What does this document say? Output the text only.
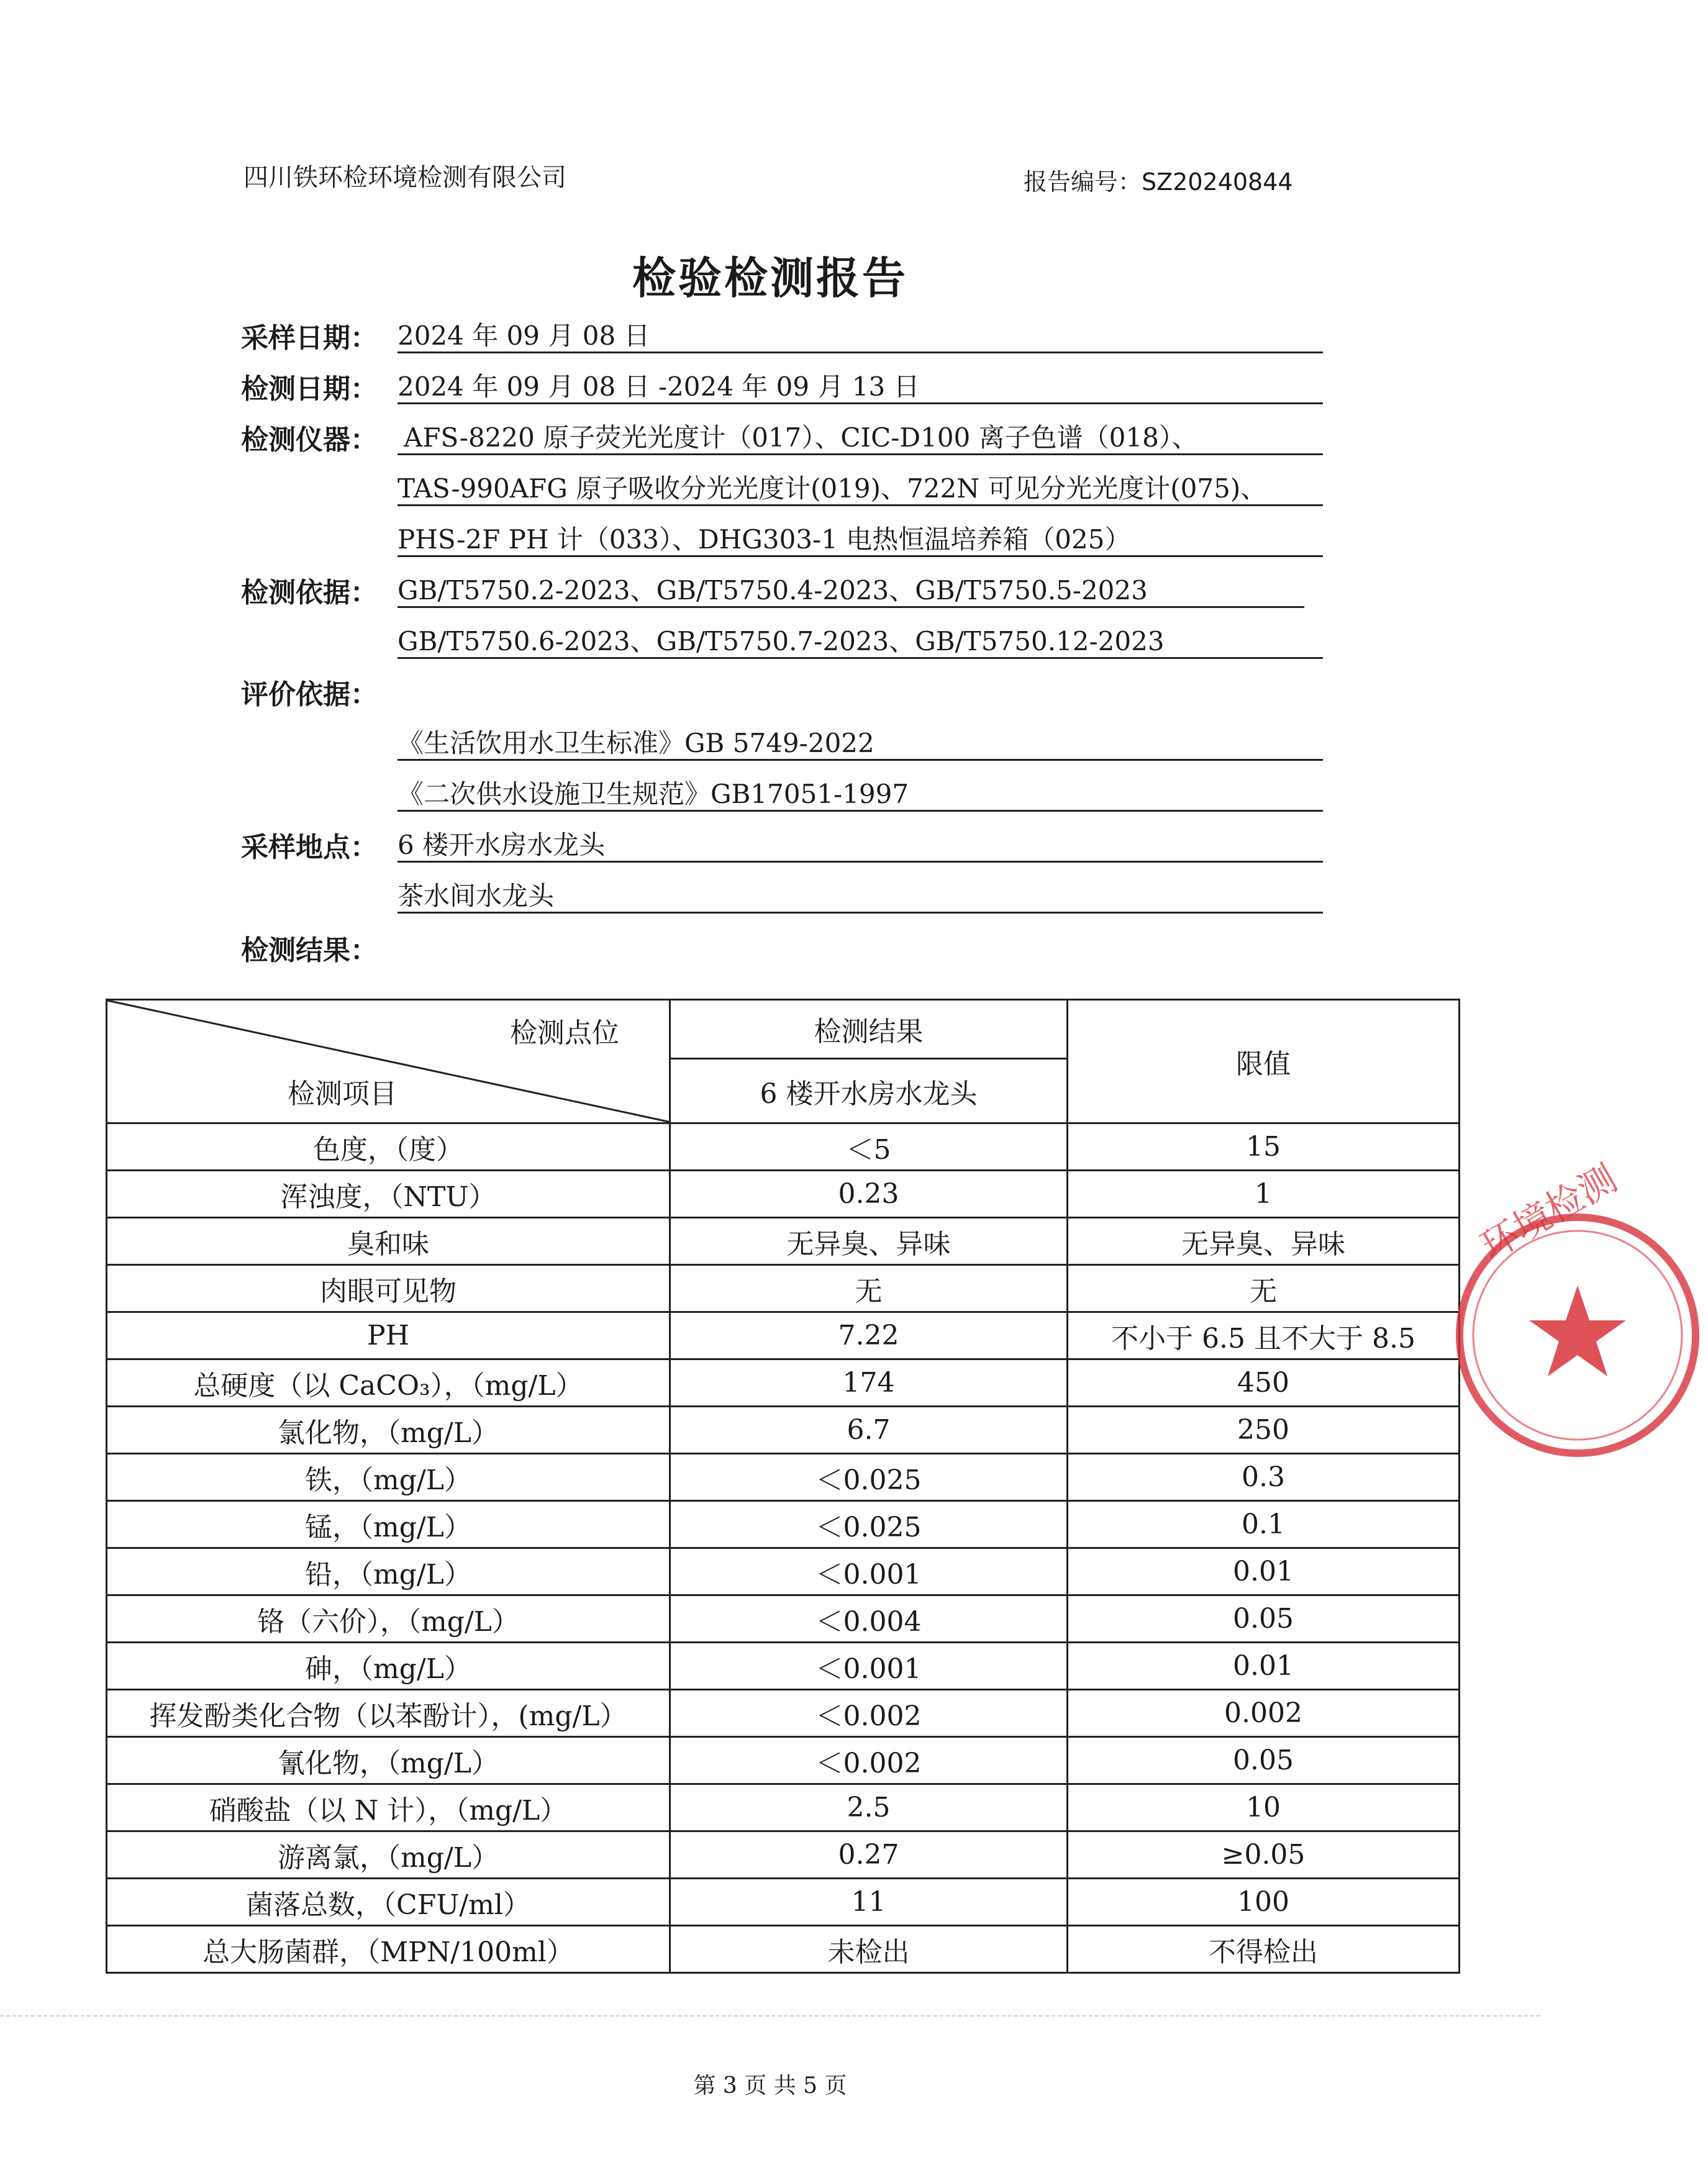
四川铁环检环境检测有限公司	报告编号：SZ20240844
检验检测报告
采样日期： 2024 年 09 月 08 日
检测日期： 2024 年 09 月 08 日 -2024 年 09 月 13 日
检测仪器： AFS-8220 原子荧光光度计（017）、CIC-D100 离子色谱（018）、
TAS-990AFG 原子吸收分光光度计(019)、722N 可见分光光度计(075)、
PHS-2F PH 计（033）、DHG303-1 电热恒温培养箱（025）
检测依据： GB/T5750.2-2023、GB/T5750.4-2023、GB/T5750.5-2023
GB/T5750.6-2023、GB/T5750.7-2023、GB/T5750.12-2023
评价依据：
《生活饮用水卫生标准》GB 5749-2022
《二次供水设施卫生规范》GB17051-1997
采样地点： 6 楼开水房水龙头
茶水间水龙头
检测结果：
检测点位
检测项目	检测结果	限值
	6 楼开水房水龙头	
色度，（度）	＜5	15
浑浊度，（NTU）	0.23	1
臭和味	无异臭、异味	无异臭、异味
肉眼可见物	无	无
PH	7.22	不小于 6.5 且不大于 8.5
总硬度（以 CaCO₃），（mg/L）	174	450
氯化物，（mg/L）	6.7	250
铁，（mg/L）	＜0.025	0.3
锰，（mg/L）	＜0.025	0.1
铅，（mg/L）	＜0.001	0.01
铬（六价），（mg/L）	＜0.004	0.05
砷，（mg/L）	＜0.001	0.01
挥发酚类化合物（以苯酚计），(mg/L）	＜0.002	0.002
氰化物，（mg/L）	＜0.002	0.05
硝酸盐（以 N 计），（mg/L）	2.5	10
游离氯，（mg/L）	0.27	≥0.05
菌落总数，（CFU/ml）	11	100
总大肠菌群，（MPN/100ml）	未检出	不得检出
环境检测
第 3 页 共 5 页
